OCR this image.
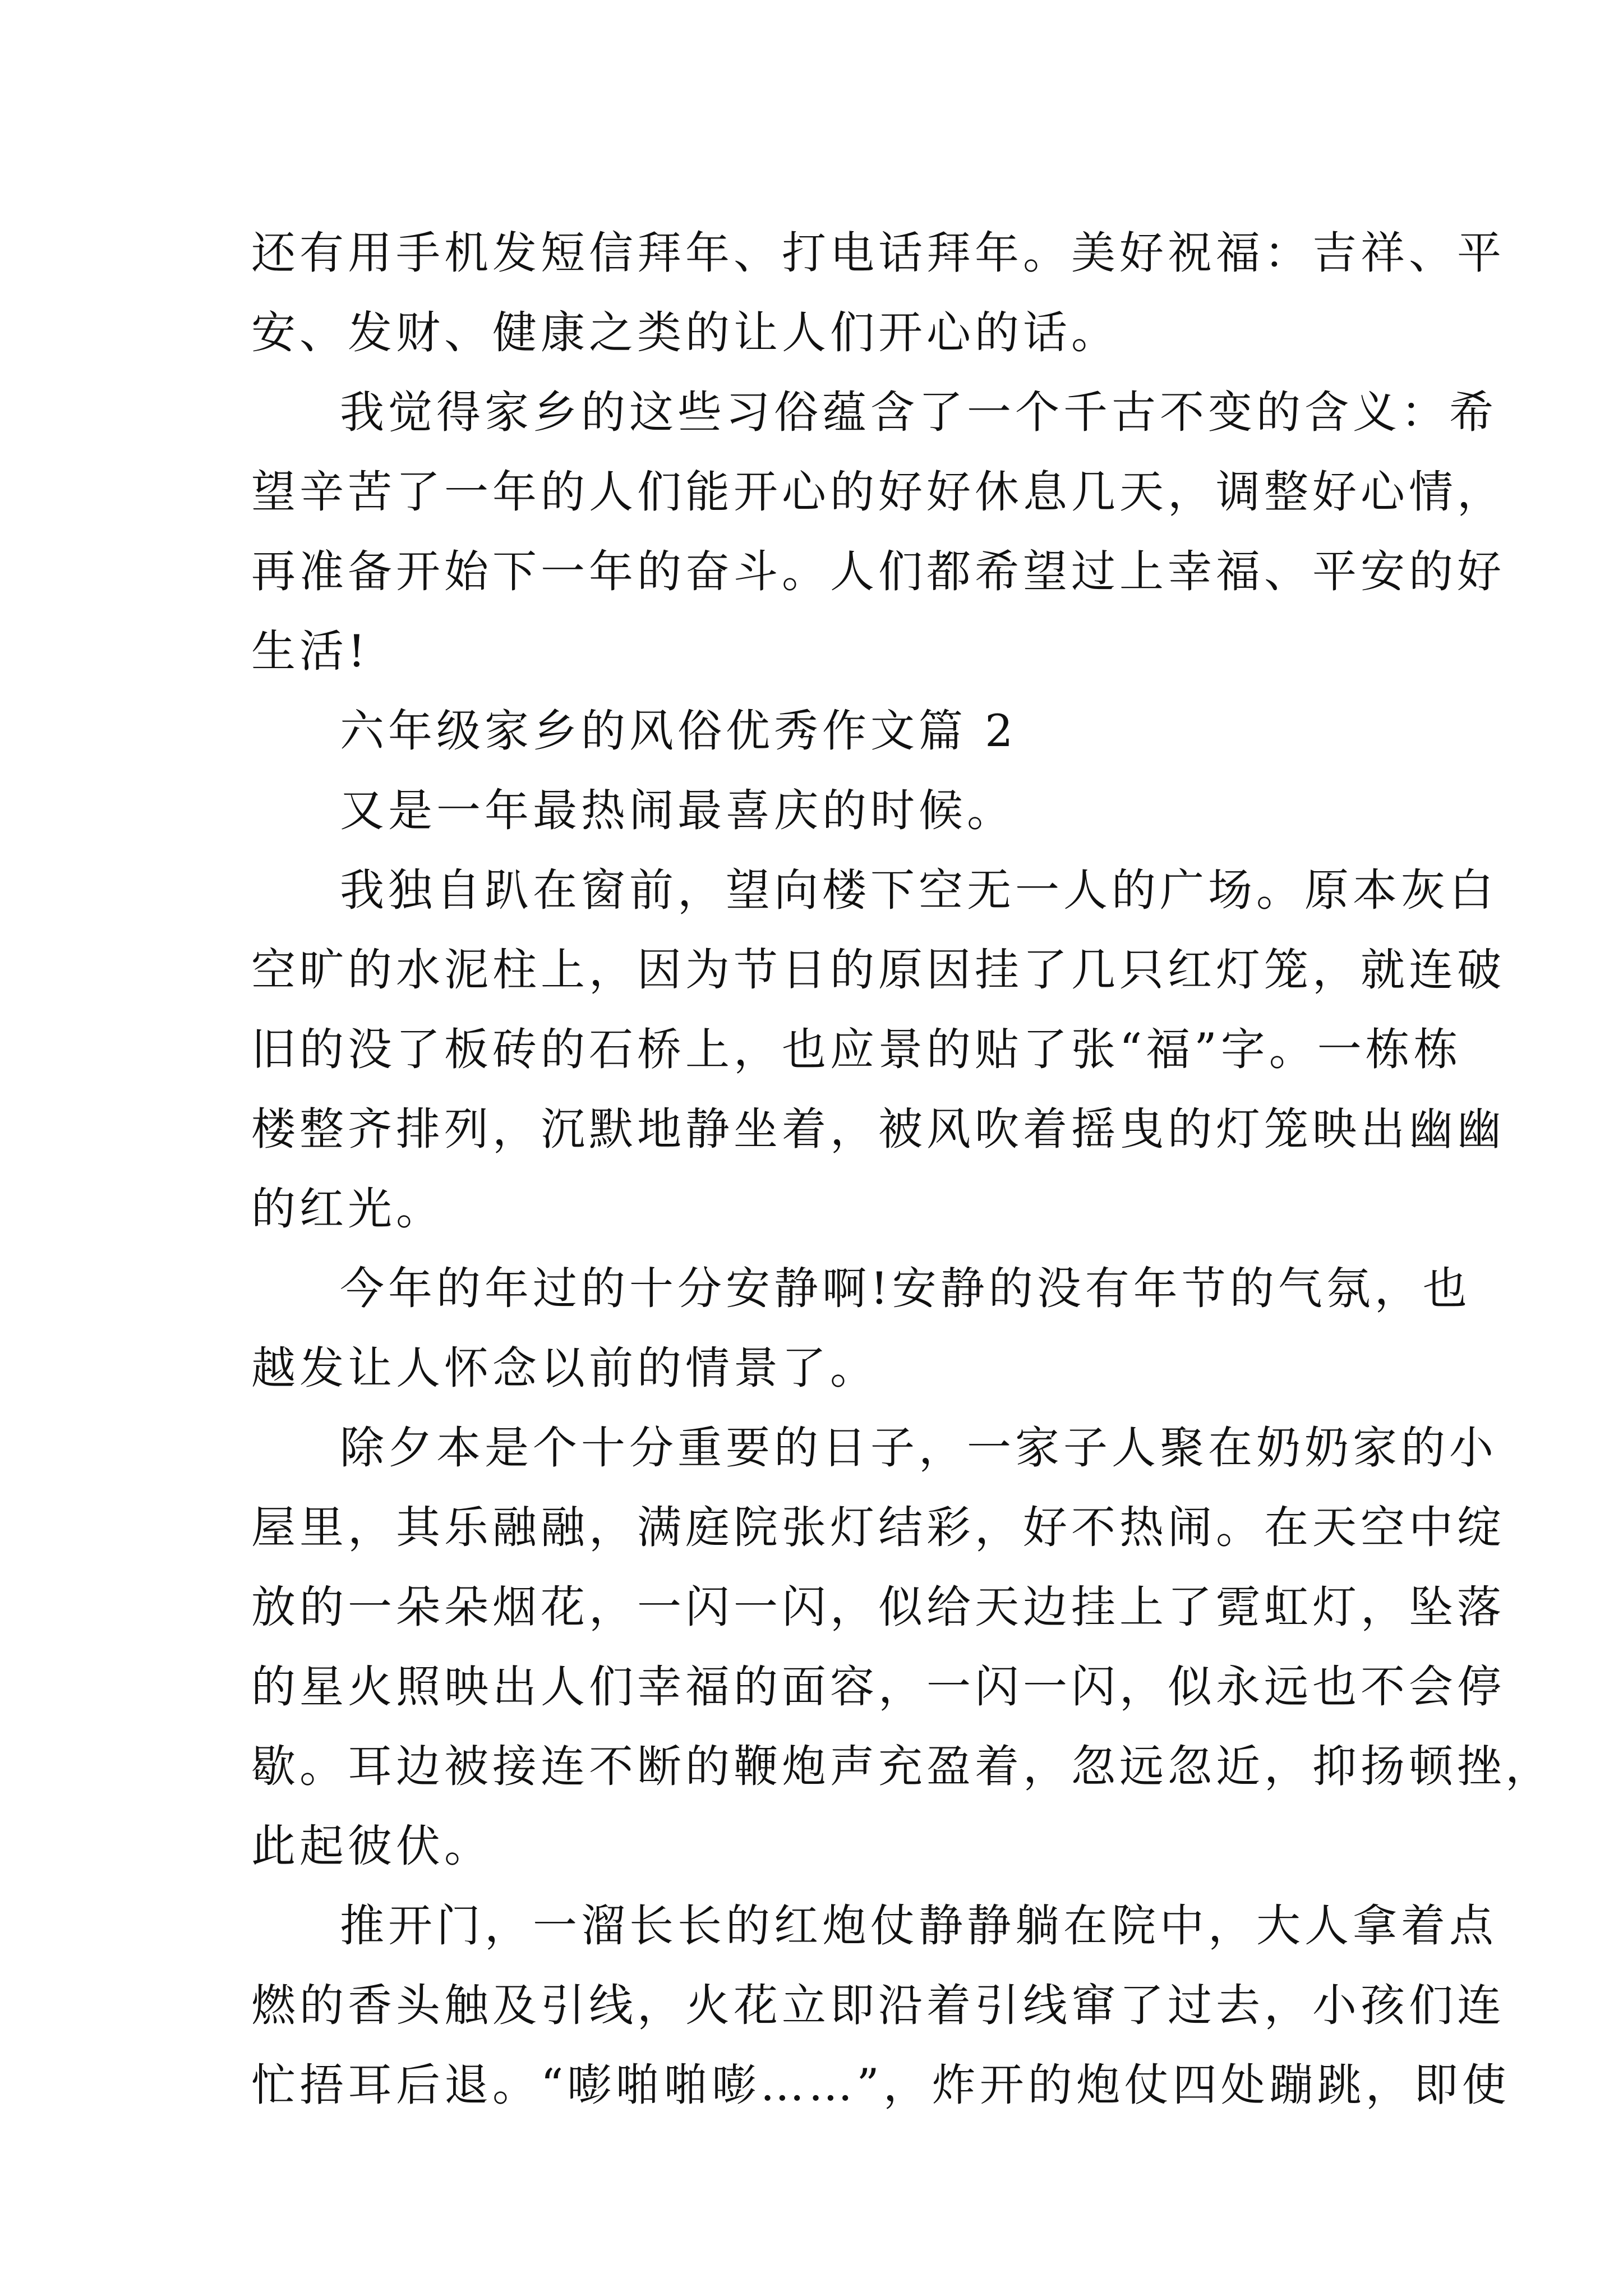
还有用手机发短信拜年、打电话拜年。美好祝福：吉祥、平
安、发财、健康之类的让人们开心的话。
我觉得家乡的这些习俗蕴含了一个千古不变的含义：希
望辛苦了一年的人们能开心的好好休息几天，调整好心情，
再准备开始下一年的奋斗。人们都希望过上幸福、平安的好
生活!
六年级家乡的风俗优秀作文篇 2
又是一年最热闹最喜庆的时候。
我独自趴在窗前，望向楼下空无一人的广场。原本灰白
空旷的水泥柱上，因为节日的原因挂了几只红灯笼，就连破
旧的没了板砖的石桥上，也应景的贴了张“福”字。一栋栋
楼整齐排列，沉默地静坐着，被风吹着摇曳的灯笼映出幽幽
的红光。
今年的年过的十分安静啊!安静的没有年节的气氛，也
越发让人怀念以前的情景了。
除夕本是个十分重要的日子，一家子人聚在奶奶家的小
屋里，其乐融融，满庭院张灯结彩，好不热闹。在天空中绽
放的一朵朵烟花，一闪一闪，似给天边挂上了霓虹灯，坠落
的星火照映出人们幸福的面容，一闪一闪，似永远也不会停
歇。耳边被接连不断的鞭炮声充盈着，忽远忽近，抑扬顿挫，
此起彼伏。
推开门，一溜长长的红炮仗静静躺在院中，大人拿着点
燃的香头触及引线，火花立即沿着引线窜了过去，小孩们连
忙捂耳后退。“嘭啪啪嘭……”，炸开的炮仗四处蹦跳，即使
